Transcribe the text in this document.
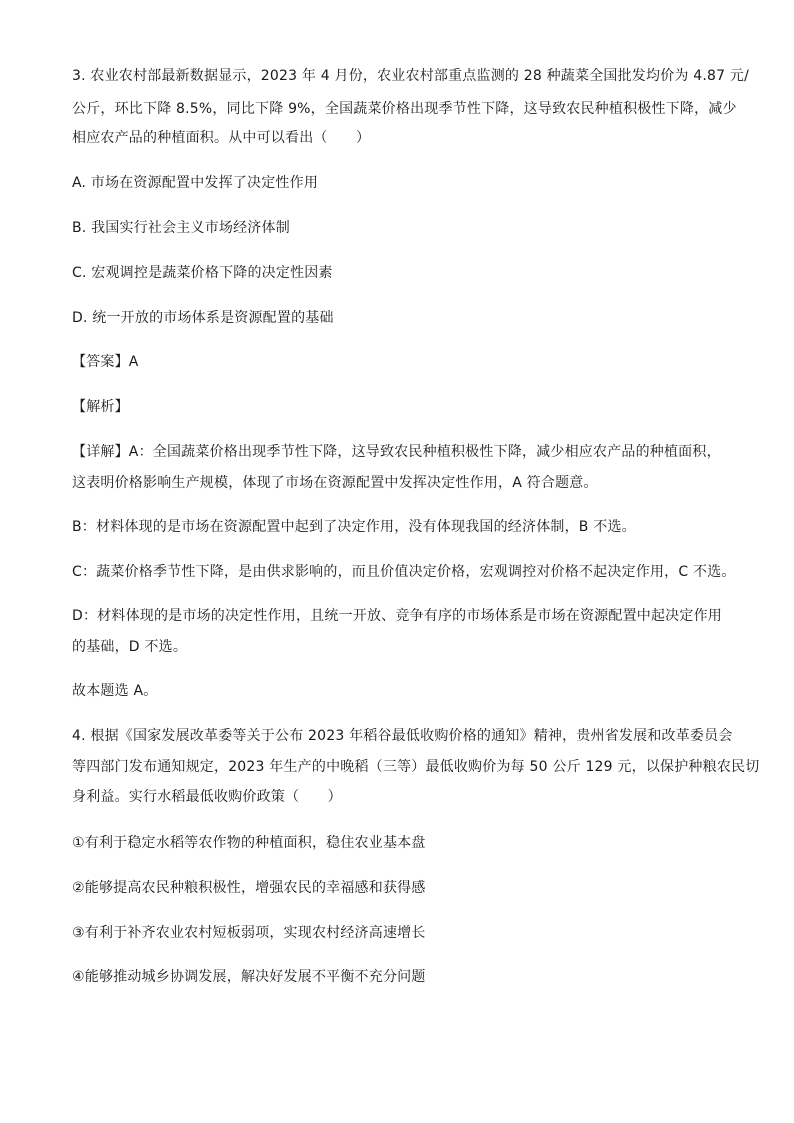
3. 农业农村部最新数据显示，2023 年 4 月份，农业农村部重点监测的 28 种蔬菜全国批发均价为 4.87 元/
公斤，环比下降 8.5%，同比下降 9%，全国蔬菜价格出现季节性下降，这导致农民种植积极性下降，减少
相应农产品的种植面积。从中可以看出（　　）
A. 市场在资源配置中发挥了决定性作用
B. 我国实行社会主义市场经济体制
C. 宏观调控是蔬菜价格下降的决定性因素
D. 统一开放的市场体系是资源配置的基础
【答案】A
【解析】
【详解】A：全国蔬菜价格出现季节性下降，这导致农民种植积极性下降，减少相应农产品的种植面积，
这表明价格影响生产规模，体现了市场在资源配置中发挥决定性作用，A 符合题意。
B：材料体现的是市场在资源配置中起到了决定作用，没有体现我国的经济体制，B 不选。
C：蔬菜价格季节性下降，是由供求影响的，而且价值决定价格，宏观调控对价格不起决定作用，C 不选。
D：材料体现的是市场的决定性作用，且统一开放、竞争有序的市场体系是市场在资源配置中起决定作用
的基础，D 不选。
故本题选 A。
4. 根据《国家发展改革委等关于公布 2023 年稻谷最低收购价格的通知》精神，贵州省发展和改革委员会
等四部门发布通知规定，2023 年生产的中晚稻（三等）最低收购价为每 50 公斤 129 元，以保护种粮农民切
身利益。实行水稻最低收购价政策（　　）
①有利于稳定水稻等农作物的种植面积，稳住农业基本盘
②能够提高农民种粮积极性，增强农民的幸福感和获得感
③有利于补齐农业农村短板弱项，实现农村经济高速增长
④能够推动城乡协调发展，解决好发展不平衡不充分问题
